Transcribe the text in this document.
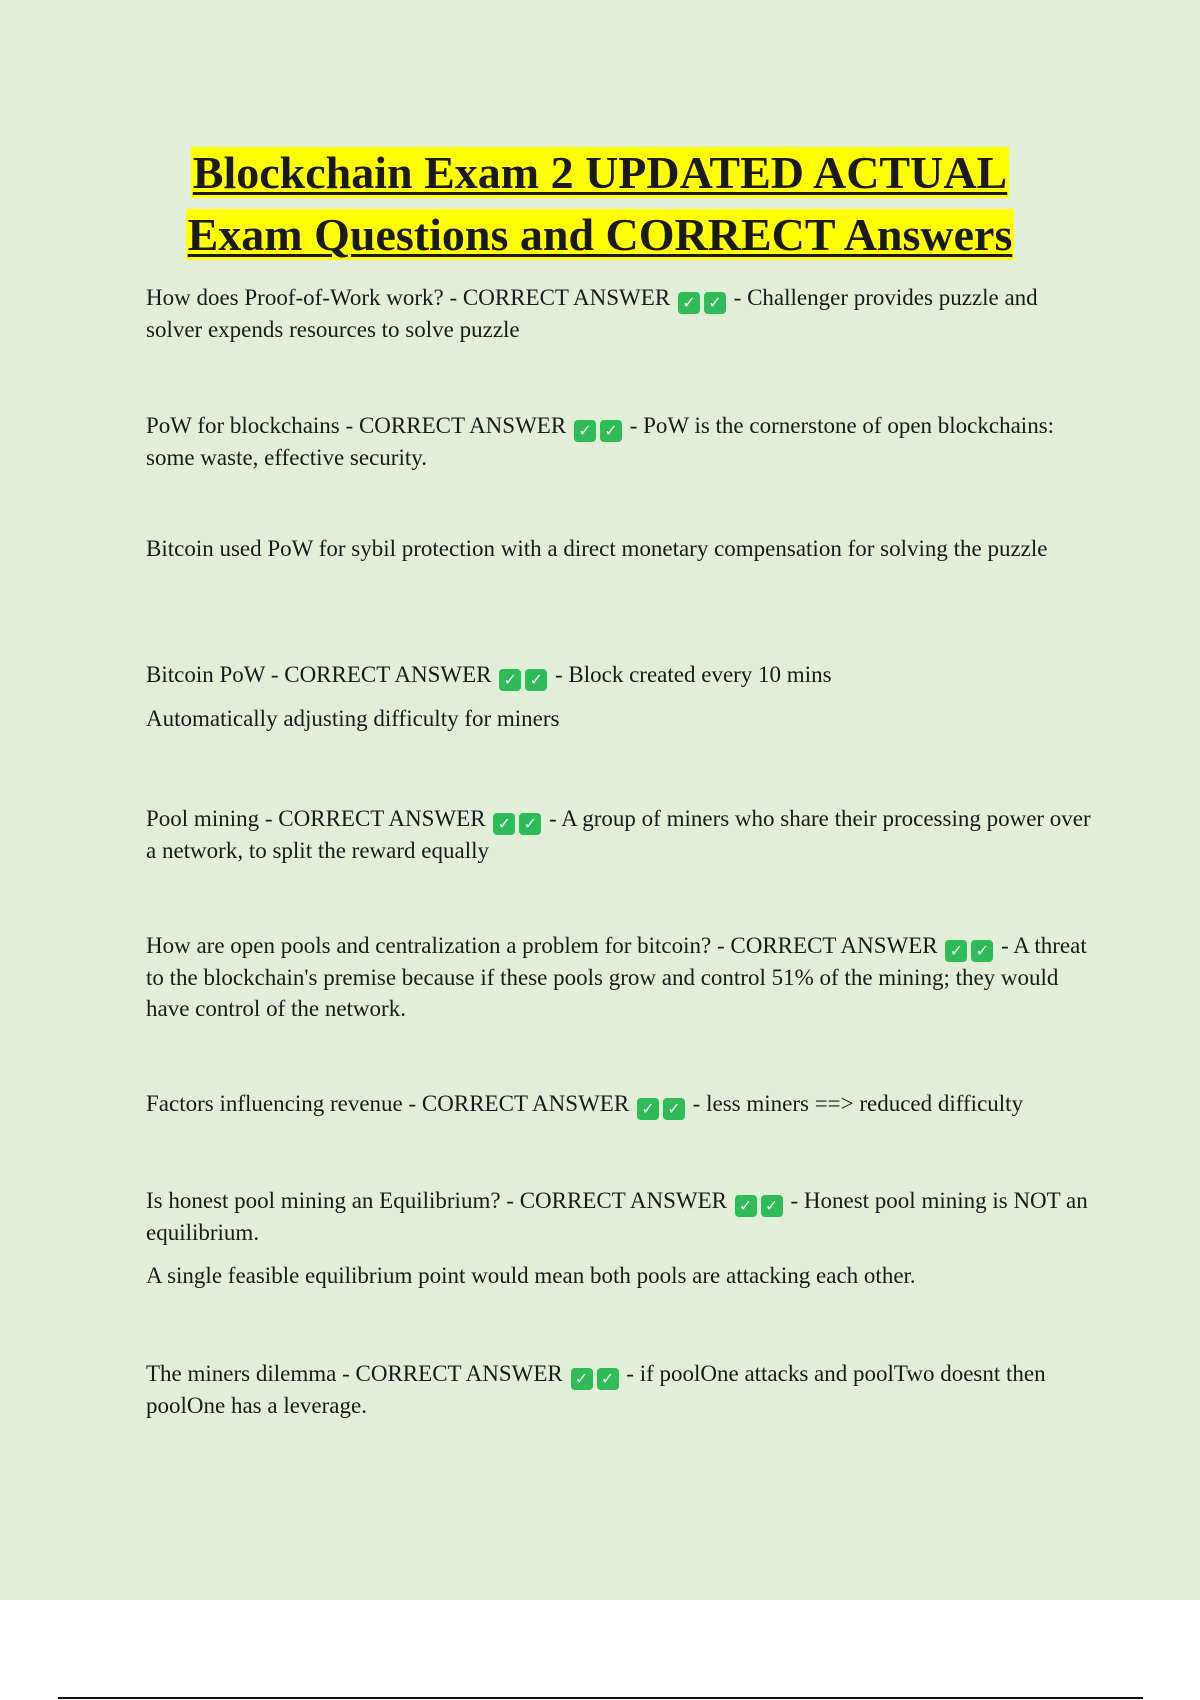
Blockchain Exam 2 UPDATED ACTUAL
Exam Questions and CORRECT Answers

How does Proof-of-Work work? - CORRECT ANSWER ✓ ✓ - Challenger provides puzzle and solver expends resources to solve puzzle

PoW for blockchains - CORRECT ANSWER ✓ ✓ - PoW is the cornerstone of open blockchains: some waste, effective security.

Bitcoin used PoW for sybil protection with a direct monetary compensation for solving the puzzle

Bitcoin PoW - CORRECT ANSWER ✓ ✓ - Block created every 10 mins

Automatically adjusting difficulty for miners

Pool mining - CORRECT ANSWER ✓ ✓ - A group of miners who share their processing power over a network, to split the reward equally

How are open pools and centralization a problem for bitcoin? - CORRECT ANSWER ✓ ✓ - A threat to the blockchain's premise because if these pools grow and control 51% of the mining; they would have control of the network.

Factors influencing revenue - CORRECT ANSWER ✓ ✓ - less miners ==> reduced difficulty

Is honest pool mining an Equilibrium? - CORRECT ANSWER ✓ ✓ - Honest pool mining is NOT an equilibrium.

A single feasible equilibrium point would mean both pools are attacking each other.

The miners dilemma - CORRECT ANSWER ✓ ✓ - if poolOne attacks and poolTwo doesnt then poolOne has a leverage.
